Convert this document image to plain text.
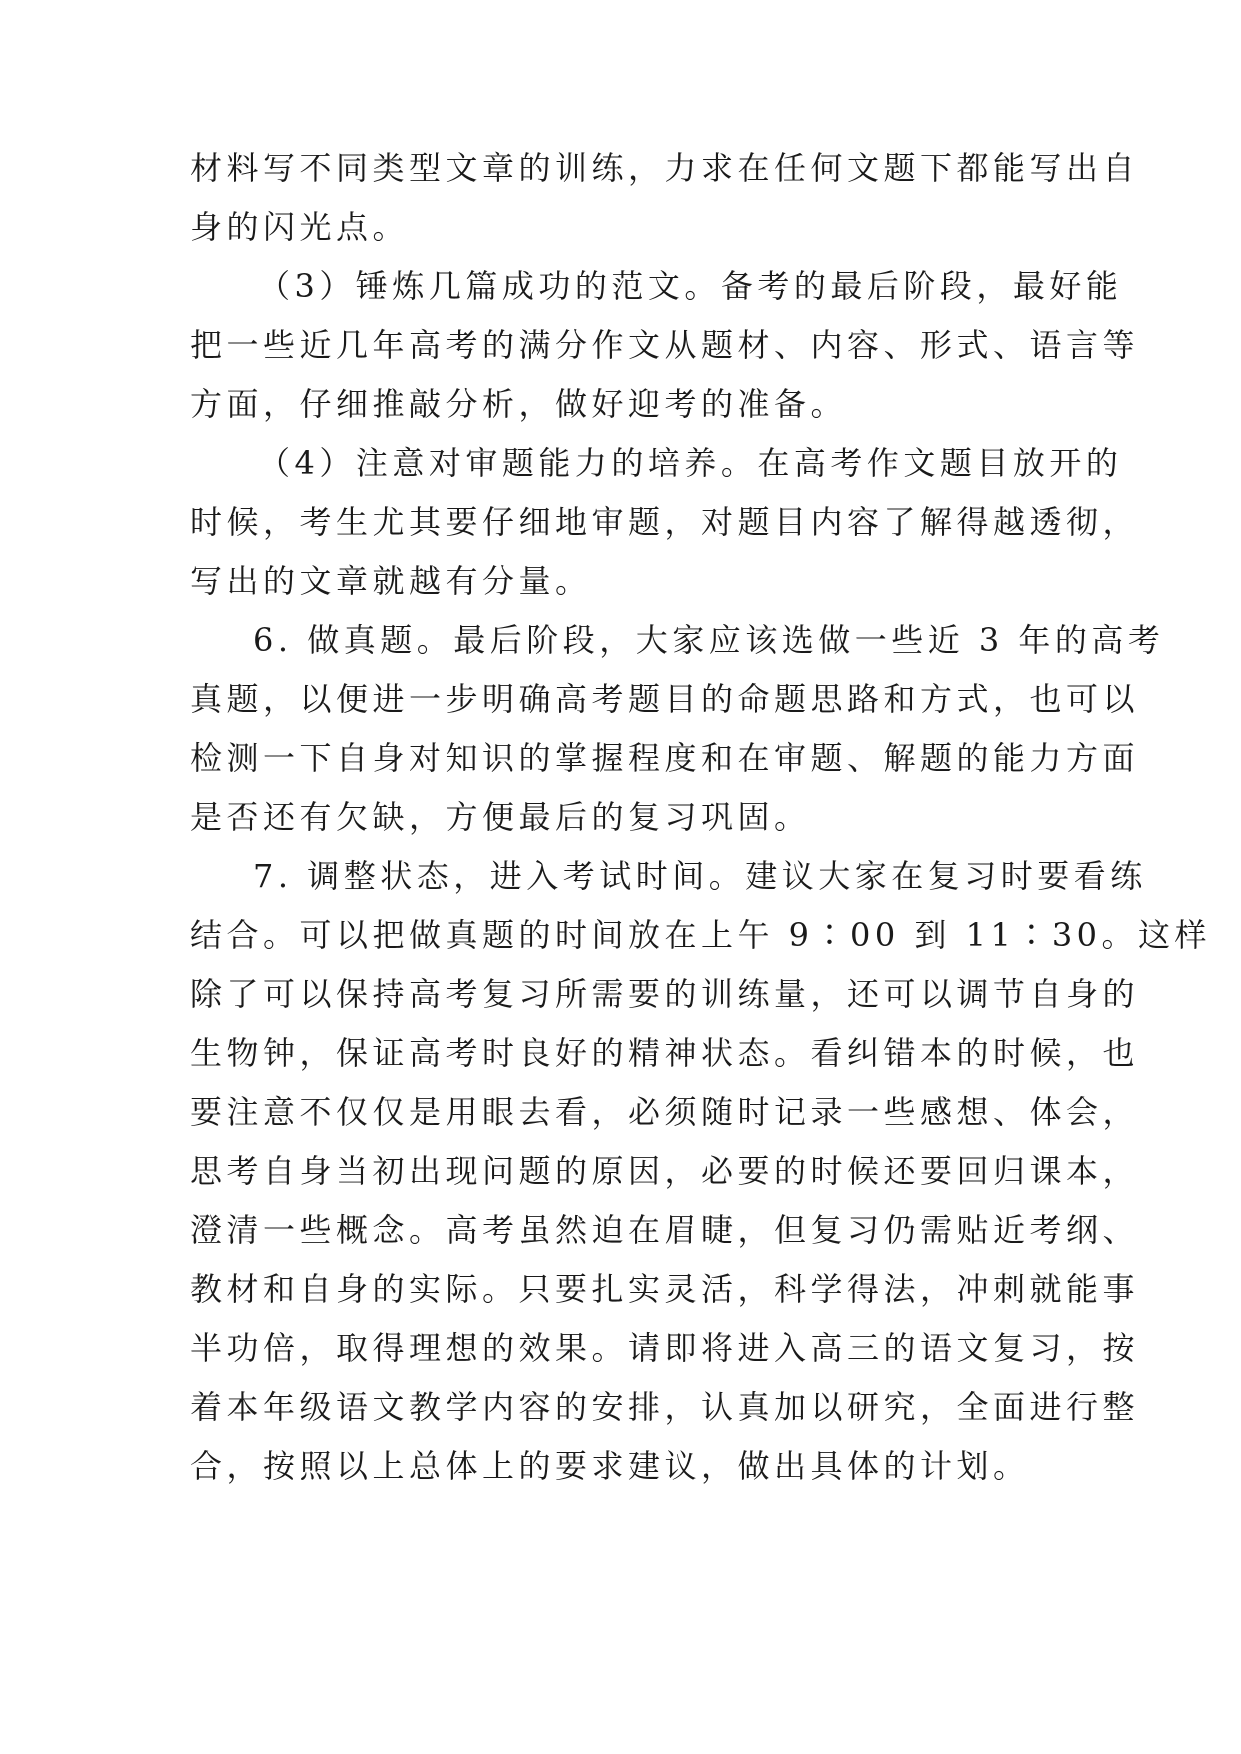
材料写不同类型文章的训练，力求在任何文题下都能写出自
身的闪光点。
（3）锤炼几篇成功的范文。备考的最后阶段，最好能
把一些近几年高考的满分作文从题材、内容、形式、语言等
方面，仔细推敲分析，做好迎考的准备。
（4）注意对审题能力的培养。在高考作文题目放开的
时候，考生尤其要仔细地审题，对题目内容了解得越透彻，
写出的文章就越有分量。
6. 做真题。最后阶段，大家应该选做一些近 3 年的高考
真题，以便进一步明确高考题目的命题思路和方式，也可以
检测一下自身对知识的掌握程度和在审题、解题的能力方面
是否还有欠缺，方便最后的复习巩固。
7. 调整状态，进入考试时间。建议大家在复习时要看练
结合。可以把做真题的时间放在上午 9∶00 到 11∶30。这样
除了可以保持高考复习所需要的训练量，还可以调节自身的
生物钟，保证高考时良好的精神状态。看纠错本的时候，也
要注意不仅仅是用眼去看，必须随时记录一些感想、体会，
思考自身当初出现问题的原因，必要的时候还要回归课本，
澄清一些概念。高考虽然迫在眉睫，但复习仍需贴近考纲、
教材和自身的实际。只要扎实灵活，科学得法，冲刺就能事
半功倍，取得理想的效果。请即将进入高三的语文复习，按
着本年级语文教学内容的安排，认真加以研究，全面进行整
合，按照以上总体上的要求建议，做出具体的计划。
